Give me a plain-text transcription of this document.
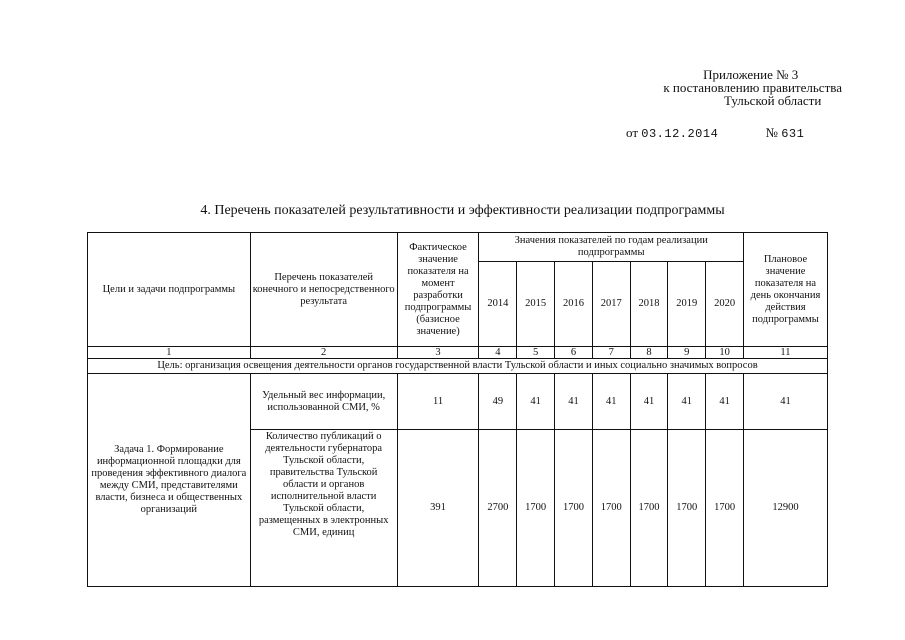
Приложение № 3
к постановлению правительства
Тульской области
от 03.12.2014	№ 631
4. Перечень показателей результативности и эффективности реализации подпрограммы
Цели и задачи подпрограммы	Перечень показателей конечного и непосредственного результата	Фактическое значение показателя на момент разработки подпрограммы (базисное значение)	Значения показателей по годам реализации подпрограммы							Плановое значение показателя на день окончания действия подпрограммы
			2014	2015	2016	2017	2018	2019	2020	
1	2	3	4	5	6	7	8	9	10	11
Цель: организация освещения деятельности органов государственной власти Тульской области и иных социально значимых вопросов										
Задача 1. Формирование информационной площадки для проведения эффективного диалога между СМИ, представителями власти, бизнеса и общественных организаций	Удельный вес информации, использованной СМИ, %	11	49	41	41	41	41	41	41	41
	Количество публикаций о деятельности губернатора Тульской области, правительства Тульской области и органов исполнительной власти Тульской области, размещенных в электронных СМИ, единиц	391	2700	1700	1700	1700	1700	1700	1700	12900
